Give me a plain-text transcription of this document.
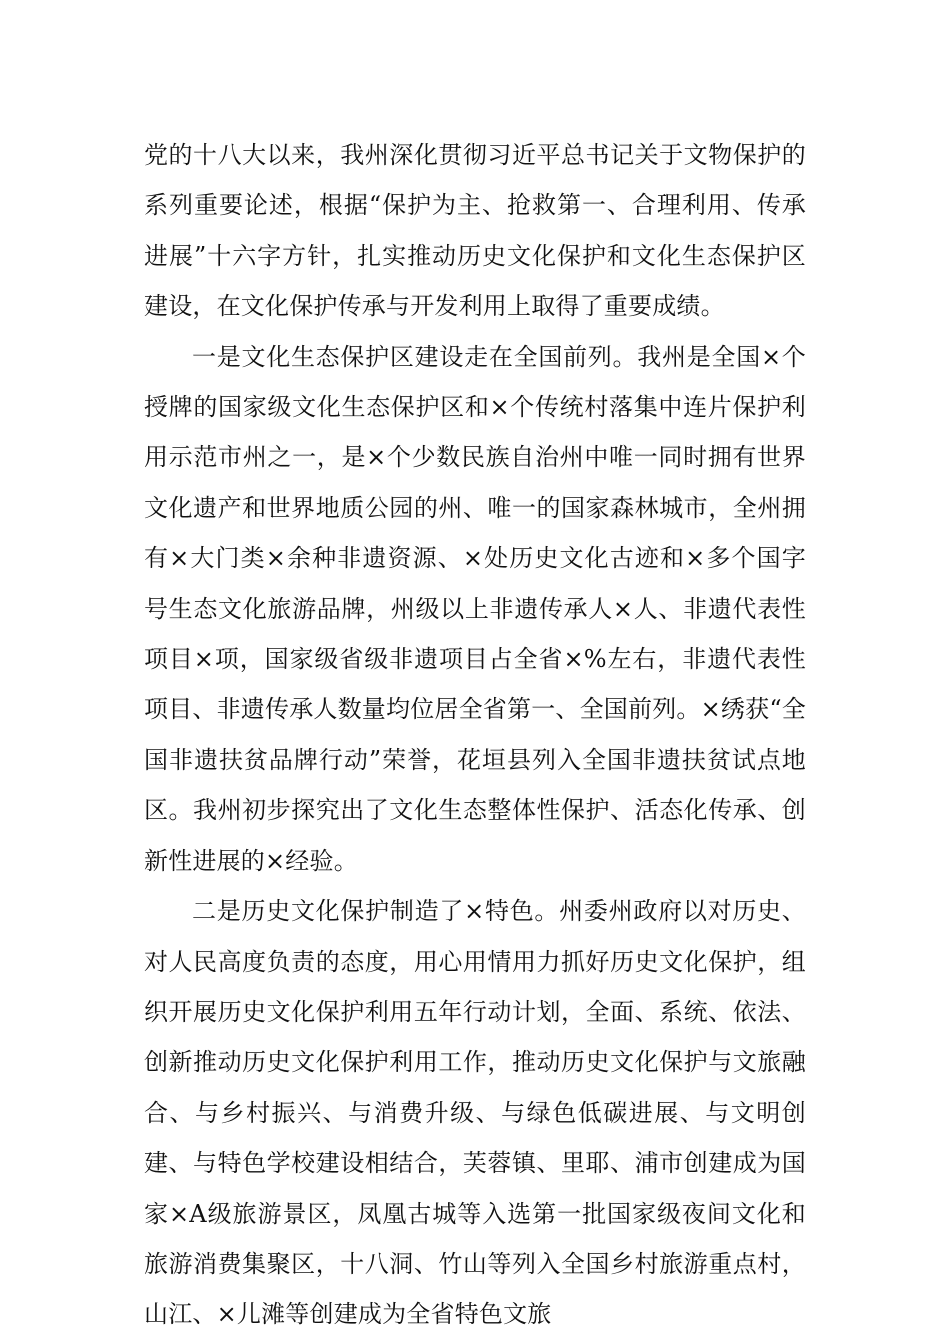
党的十八大以来，我州深化贯彻习近平总书记关于文物保护的系列重要论述，根据“保护为主、抢救第一、合理利用、传承进展”十六字方针，扎实推动历史文化保护和文化生态保护区建设，在文化保护传承与开发利用上取得了重要成绩。

一是文化生态保护区建设走在全国前列。我州是全国×个授牌的国家级文化生态保护区和×个传统村落集中连片保护利用示范市州之一，是×个少数民族自治州中唯一同时拥有世界文化遗产和世界地质公园的州、唯一的国家森林城市，全州拥有×大门类×余种非遗资源、×处历史文化古迹和×多个国字号生态文化旅游品牌，州级以上非遗传承人×人、非遗代表性项目×项，国家级省级非遗项目占全省×%左右，非遗代表性项目、非遗传承人数量均位居全省第一、全国前列。×绣获“全国非遗扶贫品牌行动”荣誉，花垣县列入全国非遗扶贫试点地区。我州初步探究出了文化生态整体性保护、活态化传承、创新性进展的×经验。

二是历史文化保护制造了×特色。州委州政府以对历史、对人民高度负责的态度，用心用情用力抓好历史文化保护，组织开展历史文化保护利用五年行动计划，全面、系统、依法、创新推动历史文化保护利用工作，推动历史文化保护与文旅融合、与乡村振兴、与消费升级、与绿色低碳进展、与文明创建、与特色学校建设相结合，芙蓉镇、里耶、浦市创建成为国家×A级旅游景区，凤凰古城等入选第一批国家级夜间文化和旅游消费集聚区，十八洞、竹山等列入全国乡村旅游重点村，山江、×儿滩等创建成为全省特色文旅
